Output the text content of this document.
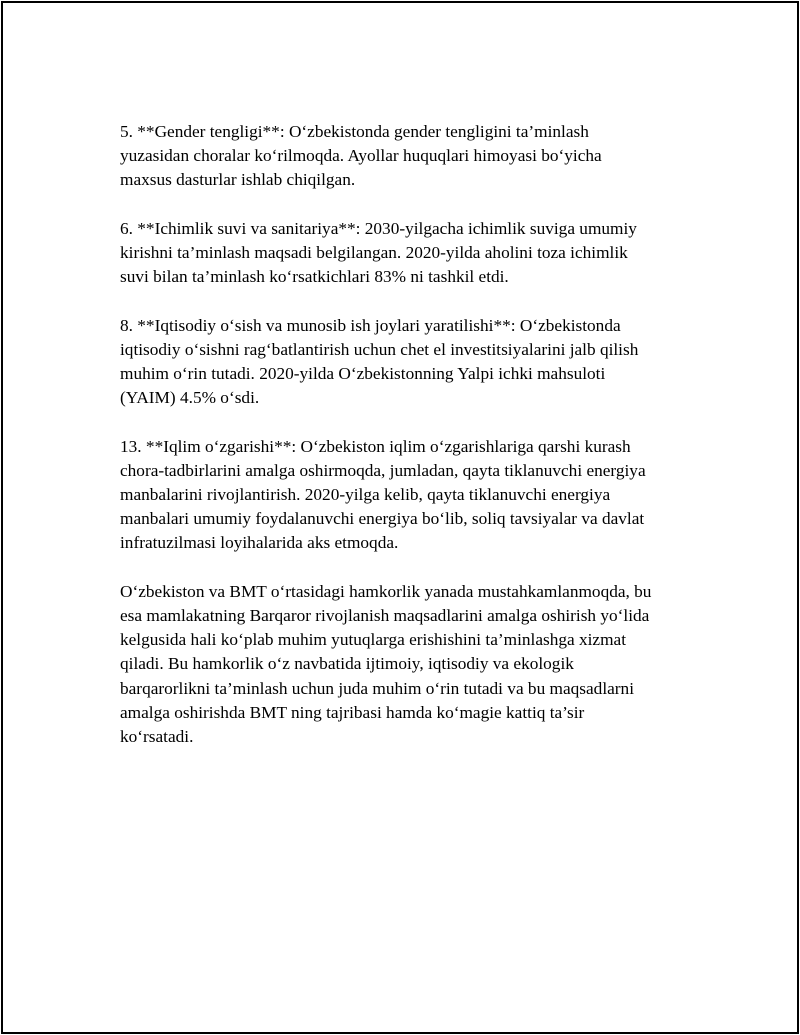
5. **Gender tengligi**: O‘zbekistonda gender tengligini ta’minlash
yuzasidan choralar ko‘rilmoqda. Ayollar huquqlari himoyasi bo‘yicha
maxsus dasturlar ishlab chiqilgan.

6. **Ichimlik suvi va sanitariya**: 2030-yilgacha ichimlik suviga umumiy
kirishni ta’minlash maqsadi belgilangan. 2020-yilda aholini toza ichimlik
suvi bilan ta’minlash ko‘rsatkichlari 83% ni tashkil etdi.

8. **Iqtisodiy o‘sish va munosib ish joylari yaratilishi**: O‘zbekistonda
iqtisodiy o‘sishni rag‘batlantirish uchun chet el investitsiyalarini jalb qilish
muhim o‘rin tutadi. 2020-yilda O‘zbekistonning Yalpi ichki mahsuloti
(YAIM) 4.5% o‘sdi.

13. **Iqlim o‘zgarishi**: O‘zbekiston iqlim o‘zgarishlariga qarshi kurash
chora-tadbirlarini amalga oshirmoqda, jumladan, qayta tiklanuvchi energiya
manbalarini rivojlantirish. 2020-yilga kelib, qayta tiklanuvchi energiya
manbalari umumiy foydalanuvchi energiya bo‘lib, soliq tavsiyalar va davlat
infratuzilmasi loyihalarida aks etmoqda.

O‘zbekiston va BMT o‘rtasidagi hamkorlik yanada mustahkamlanmoqda, bu
esa mamlakatning Barqaror rivojlanish maqsadlarini amalga oshirish yo‘lida
kelgusida hali ko‘plab muhim yutuqlarga erishishini ta’minlashga xizmat
qiladi. Bu hamkorlik o‘z navbatida ijtimoiy, iqtisodiy va ekologik
barqarorlikni ta’minlash uchun juda muhim o‘rin tutadi va bu maqsadlarni
amalga oshirishda BMT ning tajribasi hamda ko‘magie kattiq ta’sir
ko‘rsatadi.
